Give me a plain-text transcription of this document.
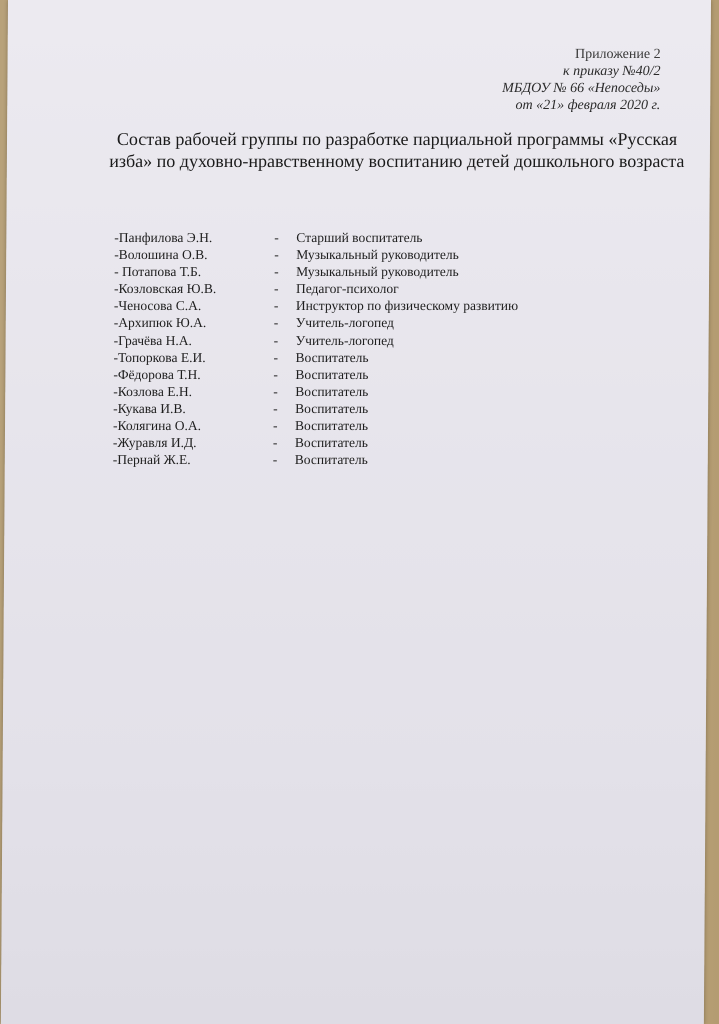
Приложение 2
к приказу №40/2
МБДОУ № 66 «Непоседы»
от «21» февраля 2020 г.
Состав рабочей группы по разработке парциальной программы «Русская изба» по духовно-нравственному воспитанию детей дошкольного возраста
-Панфилова Э.Н.	-	Старший воспитатель
-Волошина О.В.	-	Музыкальный руководитель
- Потапова Т.Б.	-	Музыкальный руководитель
-Козловская Ю.В.	-	Педагог-психолог
-Ченосова С.А.	-	Инструктор по физическому развитию
-Архипюк Ю.А.	-	Учитель-логопед
-Грачёва Н.А.	-	Учитель-логопед
-Топоркова Е.И.	-	Воспитатель
-Фёдорова Т.Н.	-	Воспитатель
-Козлова Е.Н.	-	Воспитатель
-Кукава И.В.	-	Воспитатель
-Колягина О.А.	-	Воспитатель
-Журавля И.Д.	-	Воспитатель
-Пернай Ж.Е.	-	Воспитатель
